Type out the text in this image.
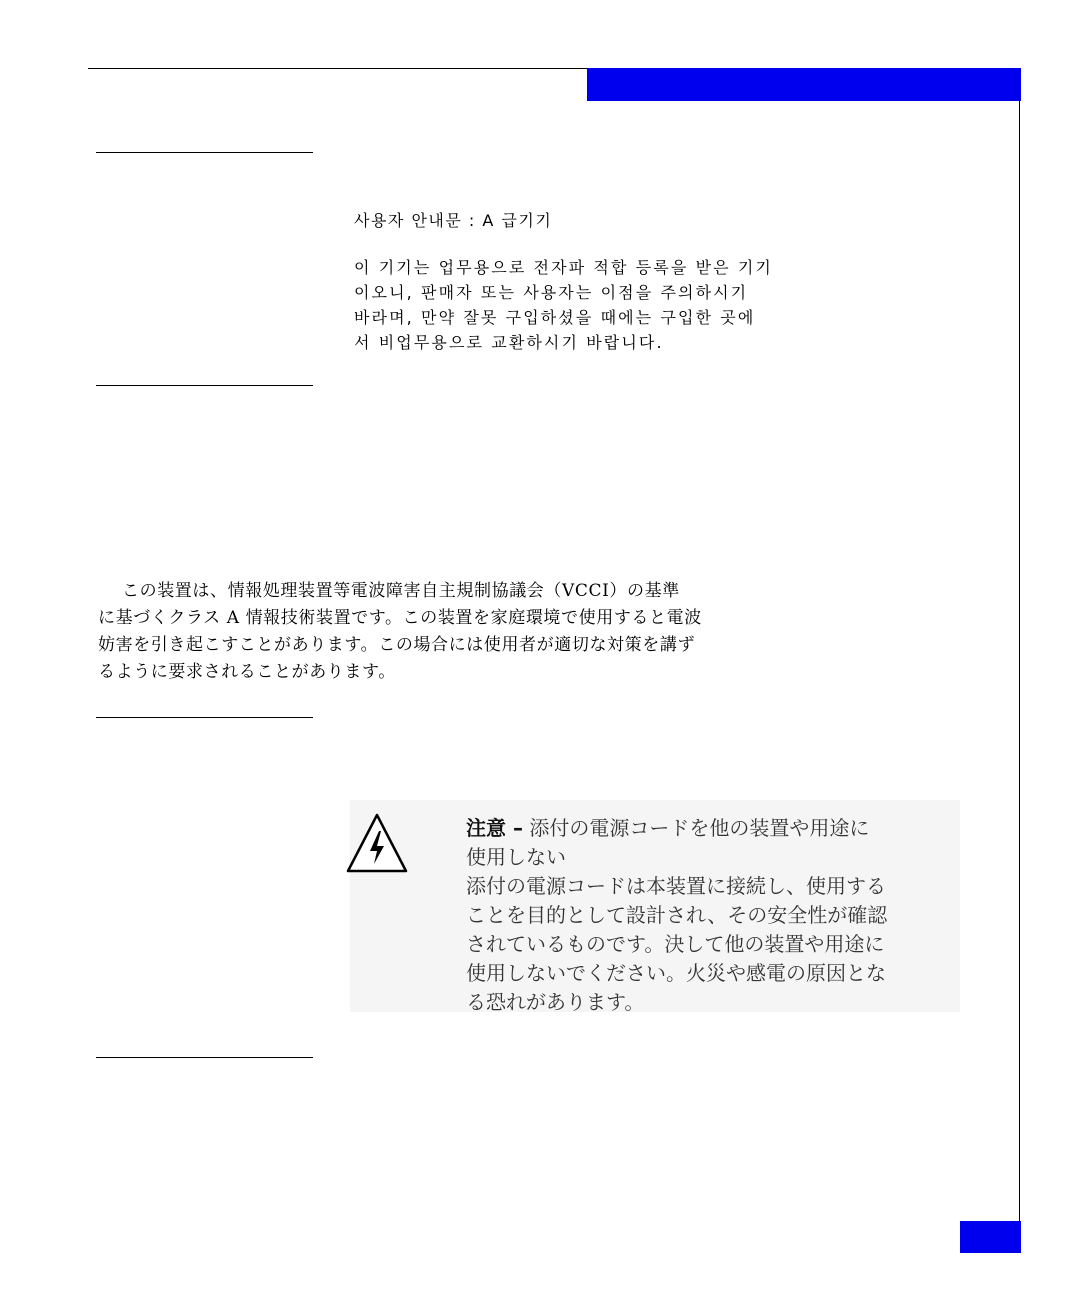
사용자 안내문 : A 급기기

이 기기는 업무용으로 전자파 적합 등록을 받은 기기
이오니, 판매자 또는 사용자는 이점을 주의하시기
바라며, 만약 잘못 구입하셨을 때에는 구입한 곳에
서 비업무용으로 교환하시기 바랍니다.

この装置は、情報処理装置等電波障害自主規制協議会（VCCI）の基準
に基づくクラス A 情報技術装置です。この装置を家庭環境で使用すると電波
妨害を引き起こすことがあります。この場合には使用者が適切な対策を講ず
るように要求されることがあります。

注意 – 添付の電源コードを他の装置や用途に
使用しない
添付の電源コードは本装置に接続し、使用する
ことを目的として設計され、その安全性が確認
されているものです。決して他の装置や用途に
使用しないでください。火災や感電の原因とな
る恐れがあります。
